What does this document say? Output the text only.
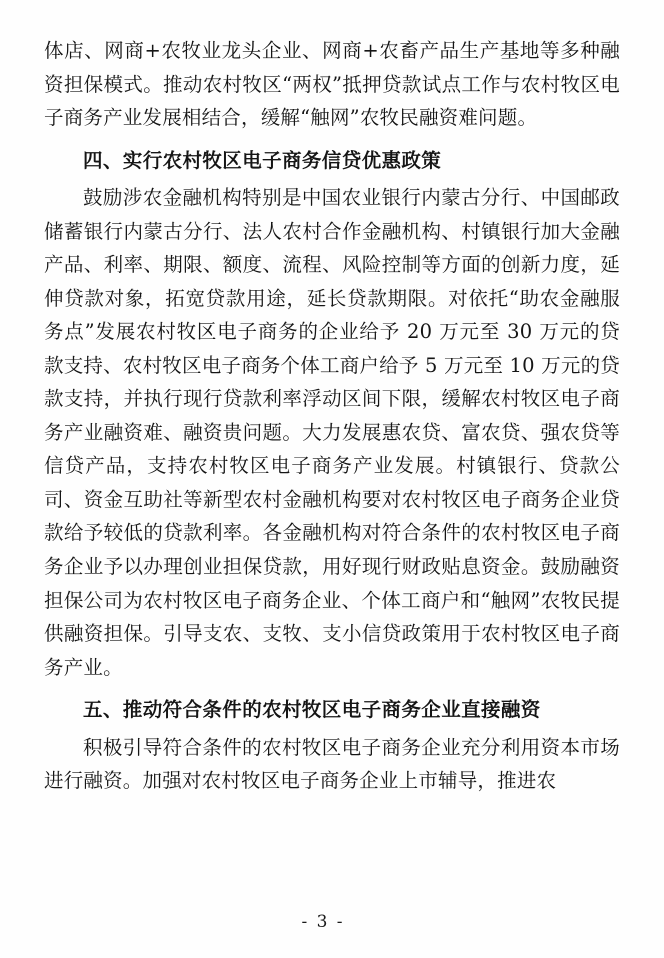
体店、网商+农牧业龙头企业、网商+农畜产品生产基地等多种融资担保模式。推动农村牧区“两权”抵押贷款试点工作与农村牧区电子商务产业发展相结合，缓解“触网”农牧民融资难问题。

四、实行农村牧区电子商务信贷优惠政策

鼓励涉农金融机构特别是中国农业银行内蒙古分行、中国邮政储蓄银行内蒙古分行、法人农村合作金融机构、村镇银行加大金融产品、利率、期限、额度、流程、风险控制等方面的创新力度，延伸贷款对象，拓宽贷款用途，延长贷款期限。对依托“助农金融服务点”发展农村牧区电子商务的企业给予 20 万元至 30 万元的贷款支持、农村牧区电子商务个体工商户给予 5 万元至 10 万元的贷款支持，并执行现行贷款利率浮动区间下限，缓解农村牧区电子商务产业融资难、融资贵问题。大力发展惠农贷、富农贷、强农贷等信贷产品，支持农村牧区电子商务产业发展。村镇银行、贷款公司、资金互助社等新型农村金融机构要对农村牧区电子商务企业贷款给予较低的贷款利率。各金融机构对符合条件的农村牧区电子商务企业予以办理创业担保贷款，用好现行财政贴息资金。鼓励融资担保公司为农村牧区电子商务企业、个体工商户和“触网”农牧民提供融资担保。引导支农、支牧、支小信贷政策用于农村牧区电子商务产业。

五、推动符合条件的农村牧区电子商务企业直接融资

积极引导符合条件的农村牧区电子商务企业充分利用资本市场进行融资。加强对农村牧区电子商务企业上市辅导，推进农

- 3 -
